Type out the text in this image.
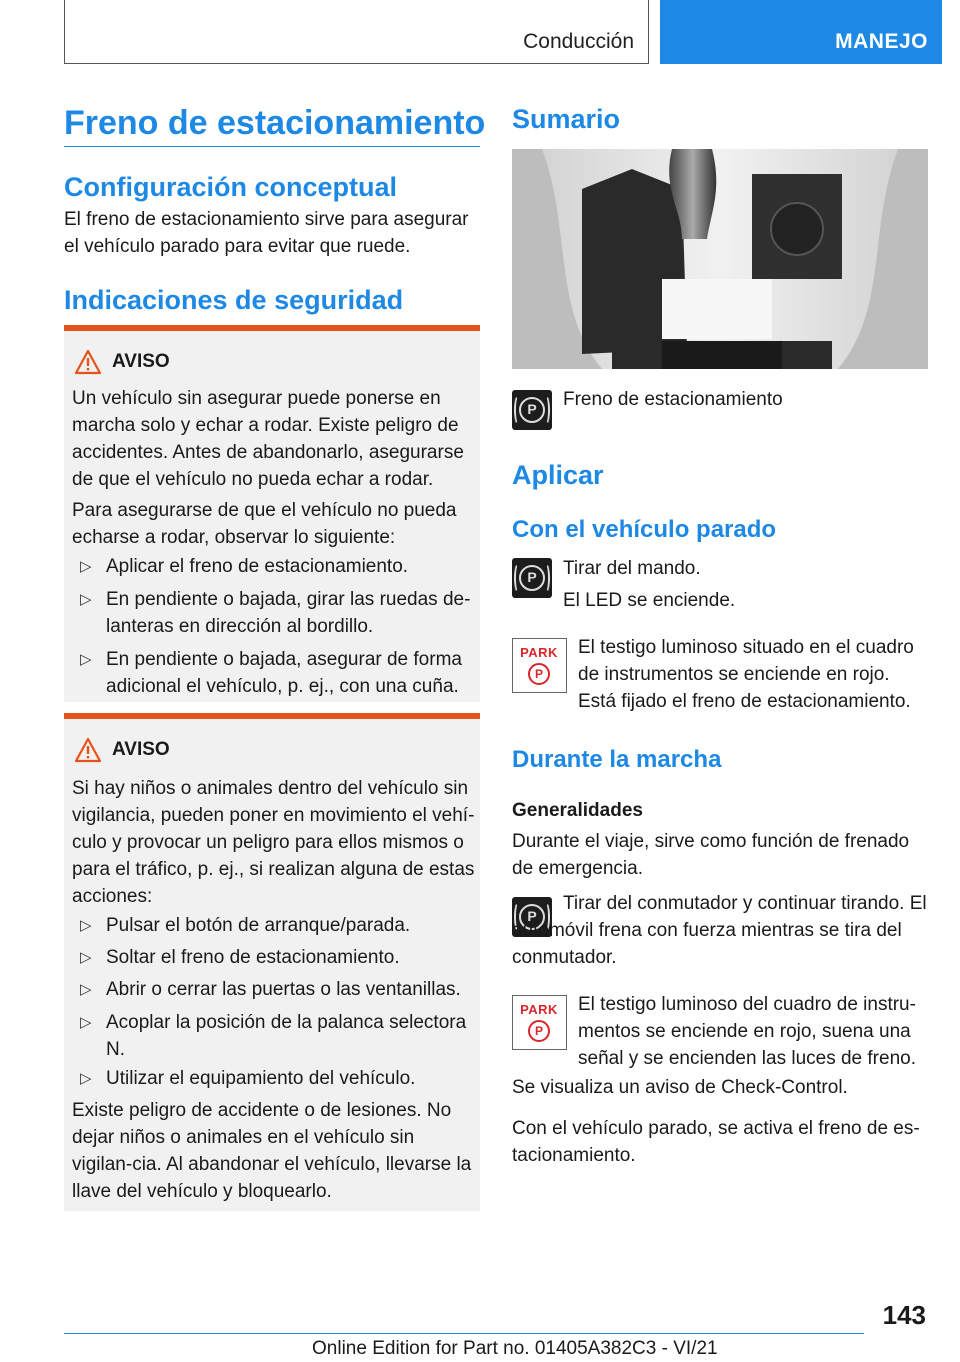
Conducción	MANEJO
Freno de estacionamiento
Configuración conceptual
El freno de estacionamiento sirve para asegurar el vehículo parado para evitar que ruede.
Indicaciones de seguridad
AVISO
Un vehículo sin asegurar puede ponerse en marcha solo y echar a rodar. Existe peligro de accidentes. Antes de abandonarlo, asegurarse de que el vehículo no pueda echar a rodar.
Para asegurarse de que el vehículo no pueda echarse a rodar, observar lo siguiente:
▷ Aplicar el freno de estacionamiento.
▷ En pendiente o bajada, girar las ruedas de-lanteras en dirección al bordillo.
▷ En pendiente o bajada, asegurar de forma adicional el vehículo, p. ej., con una cuña.
AVISO
Si hay niños o animales dentro del vehículo sin vigilancia, pueden poner en movimiento el vehí-culo y provocar un peligro para ellos mismos o para el tráfico, p. ej., si realizan alguna de estas acciones:
▷ Pulsar el botón de arranque/parada.
▷ Soltar el freno de estacionamiento.
▷ Abrir o cerrar las puertas o las ventanillas.
▷ Acoplar la posición de la palanca selectora N.
▷ Utilizar el equipamiento del vehículo.
Existe peligro de accidente o de lesiones. No dejar niños o animales en el vehículo sin vigilan-cia. Al abandonar el vehículo, llevarse la llave del vehículo y bloquearlo.
Sumario
P	Freno de estacionamiento
Aplicar
Con el vehículo parado
P	Tirar del mando.
El LED se enciende.
PARK
P
El testigo luminoso situado en el cuadro de instrumentos se enciende en rojo. Está fijado el freno de estacionamiento.
Durante la marcha
Generalidades
Durante el viaje, sirve como función de frenado de emergencia.
P
Tirar del conmutador y continuar tirando. El automóvil frena con fuerza mientras se tira del conmutador.
PARK
P
El testigo luminoso del cuadro de instru-mentos se enciende en rojo, suena una señal y se encienden las luces de freno.
Se visualiza un aviso de Check-Control.
Con el vehículo parado, se activa el freno de es-tacionamiento.
143
Online Edition for Part no. 01405A382C3 - VI/21
